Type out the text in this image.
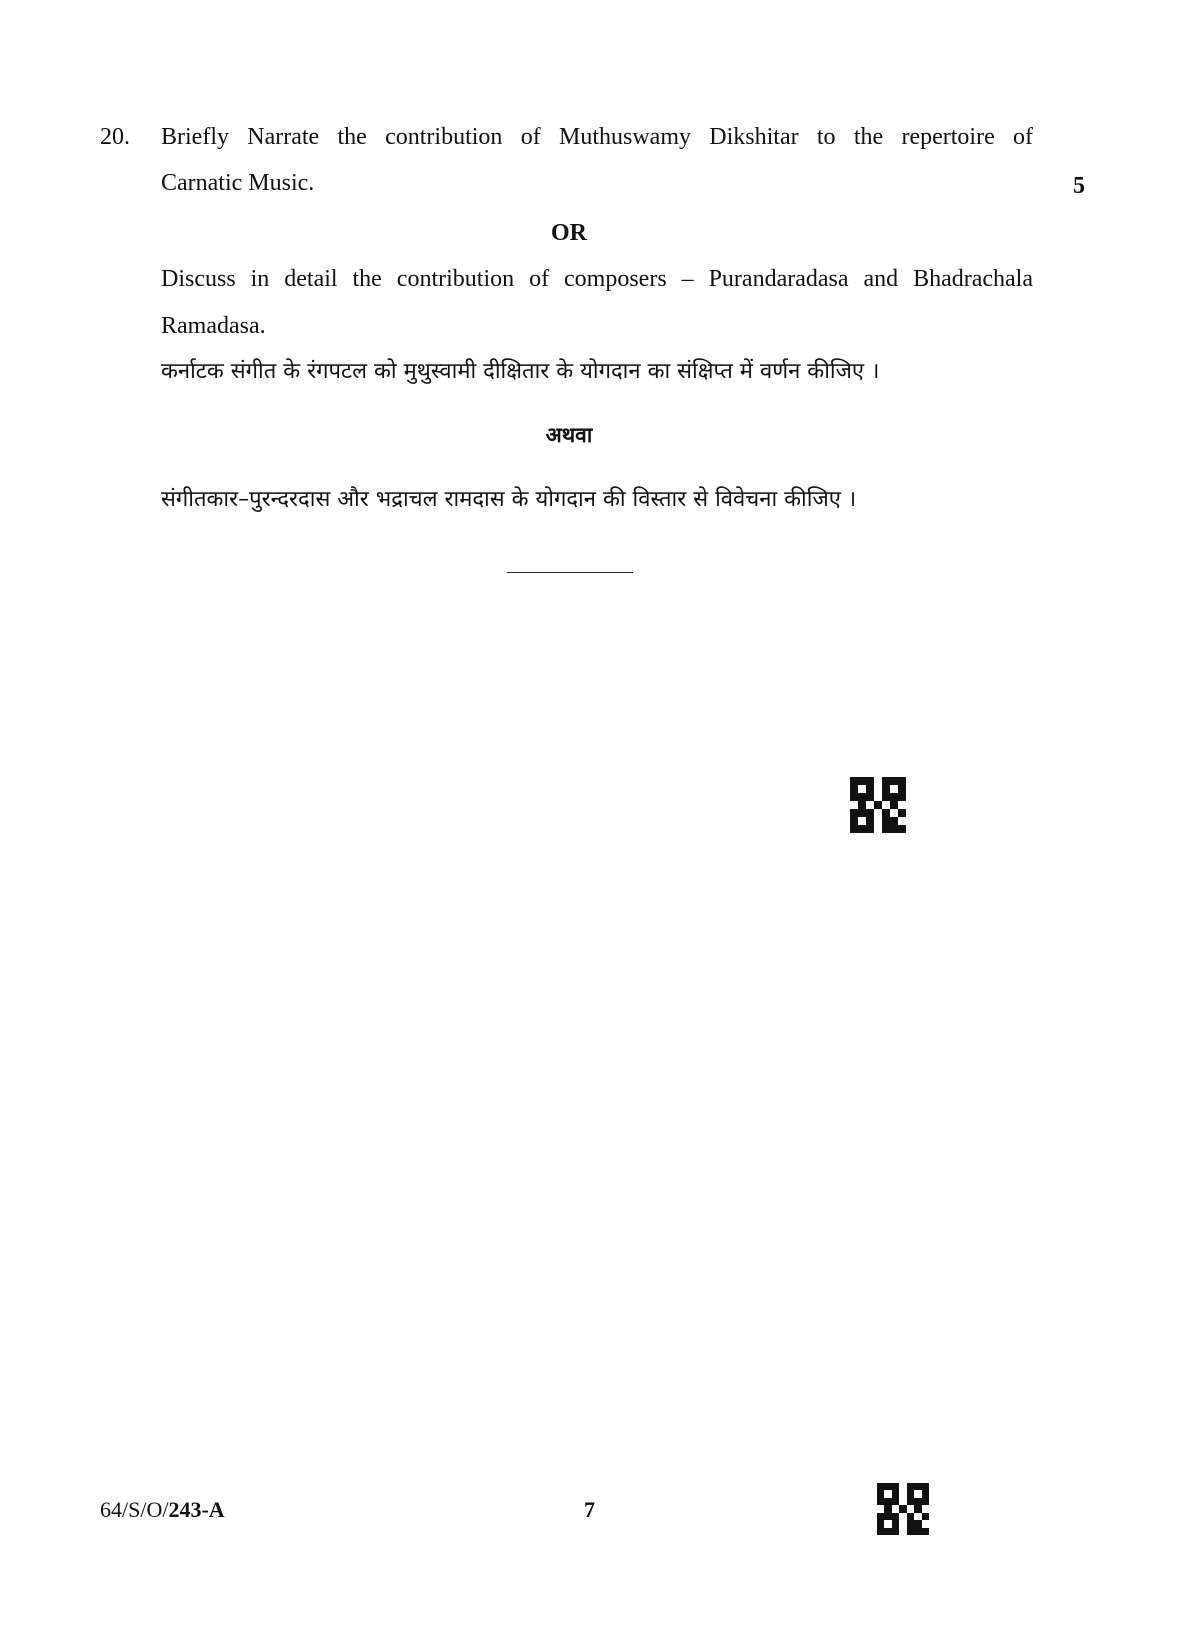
20. Briefly Narrate the contribution of Muthuswamy Dikshitar to the repertoire of
Carnatic Music.	5
OR
Discuss in detail the contribution of composers – Purandaradasa and Bhadrachala
Ramadasa.
कर्नाटक संगीत के रंगपटल को मुथुस्वामी दीक्षितार के योगदान का संक्षिप्त में वर्णन कीजिए ।
अथवा
संगीतकार–पुरन्दरदास और भद्राचल रामदास के योगदान की विस्तार से विवेचना कीजिए ।
64/S/O/243-A	7
